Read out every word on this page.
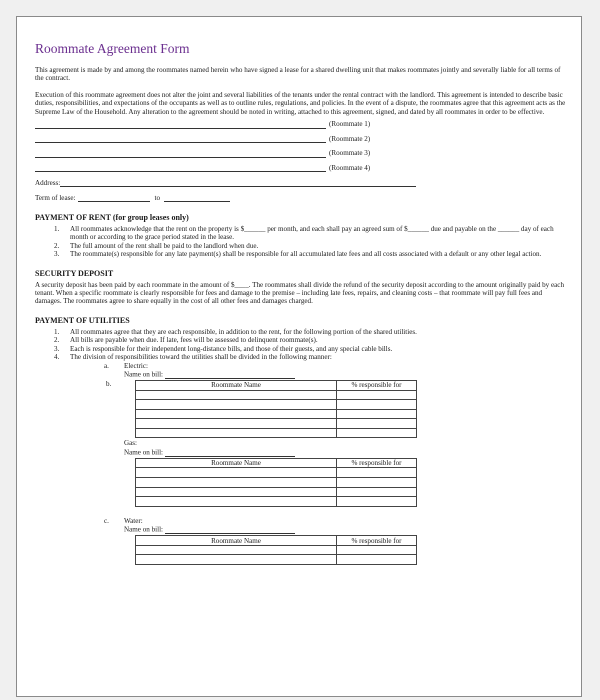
Roommate Agreement Form

This agreement is made by and among the roommates named herein who have signed a lease for a shared dwelling unit that makes roommates jointly and severally liable for all terms of the contract.

Execution of this roommate agreement does not alter the joint and several liabilities of the tenants under the rental contract with the landlord. This agreement is intended to describe basic duties, responsibilities, and expectations of the occupants as well as to outline rules, regulations, and policies. In the event of a dispute, the roommates agree that this agreement acts as the Supreme Law of the Household. Any alteration to the agreement should be noted in writing, attached to this agreement, signed, and dated by all roommates in order to be effective.

(Roommate 1)
(Roommate 2)
(Roommate 3)
(Roommate 4)
Address:
Term of lease:	to
PAYMENT OF RENT (for group leases only)
1. All roommates acknowledge that the rent on the property is $______ per month, and each shall pay an agreed sum of $______ due and payable on the ______ day of each month or according to the grace period stated in the lease.
2. The full amount of the rent shall be paid to the landlord when due.
3. The roommate(s) responsible for any late payment(s) shall be responsible for all accumulated late fees and all costs associated with a default or any other legal action.
SECURITY DEPOSIT

A security deposit has been paid by each roommate in the amount of $____. The roommates shall divide the refund of the security deposit according to the amount originally paid by each tenant. When a specific roommate is clearly responsible for fees and damage to the premise – including late fees, repairs, and cleaning costs – that roommate will pay full fees and damages. The roommates agree to share equally in the cost of all other fees and damages charged.

PAYMENT OF UTILITIES
1. All roommates agree that they are each responsible, in addition to the rent, for the following portion of the shared utilities.
2. All bills are payable when due. If late, fees will be assessed to delinquent roommate(s).
3. Each is responsible for their independent long-distance bills, and those of their guests, and any special cable bills.
4. The division of responsibilities toward the utilities shall be divided in the following manner:
a. Electric:
Name on bill:
b.	Roommate Name	% responsible for

Gas:
Name on bill:
Roommate Name	% responsible for

c. Water:
Name on bill:
Roommate Name	% responsible for
